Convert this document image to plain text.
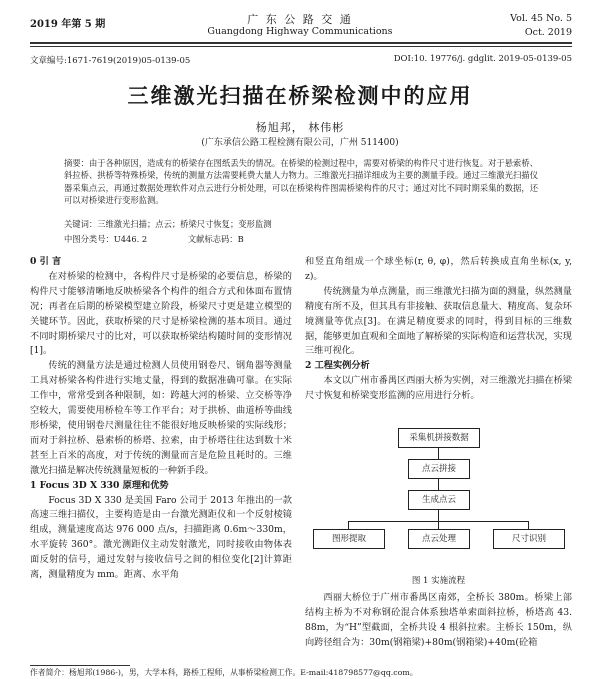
2019 年第 5 期	广 东 公 路 交 通
Guangdong Highway Communications
Vol. 45 No. 5
Oct. 2019
文章编号:1671-7619(2019)05-0139-05	DOI:10. 19776/j. gdglit. 2019-05-0139-05
三维激光扫描在桥梁检测中的应用
杨旭邦， 林伟彬
(广东承信公路工程检测有限公司，广州 511400)
摘要：由于各种原因，造成有的桥梁存在图纸丢失的情况。在桥梁的检测过程中，需要对桥梁的构件尺寸进行恢复。对于悬索桥、斜拉桥、拱桥等特殊桥梁，传统的测量方法需要耗费大量人力物力。三维激光扫描详细成为主要的测量手段。通过三维激光扫描仪器采集点云，再通过数据处理软件对点云进行分析处理，可以在桥梁构件图需桥梁构件的尺寸；通过对比不同时期采集的数据，还可以对桥梁进行变形监测。
关键词：三维激光扫描；点云；桥梁尺寸恢复；变形监测
中图分类号：U446. 2	文献标志码：B

0 引 言

在对桥梁的检测中，各构件尺寸是桥梁的必要信息，桥梁的构件尺寸能够清晰地反映桥梁各个构件的组合方式和体面布置情况；再者在后期的桥梁模型建立阶段，桥梁尺寸更是建立模型的关键环节。因此，获取桥梁的尺寸是桥梁检测的基本项目。通过不同时期桥梁尺寸的比对，可以获取桥梁结构随时间的变形情况[1]。

传统的测量方法是通过检测人员使用钢卷尺、钢角器等测量工具对桥梁各构件进行实地丈量，得到的数据准确可靠。在实际工作中，常常受到各种限制，如：跨越大河的桥梁、立交桥等净空较大，需要使用桥检车等工作平台；对于拱桥、曲道桥等曲线形桥梁，使用钢卷尺测量往往不能很好地反映桥梁的实际线形；而对于斜拉桥、悬索桥的桥塔、拉索，由于桥塔往往达到数十米甚至上百米的高度，对于传统的测量而言是危险且耗时的。三维激光扫描是解决传统测量短板的一种新手段。

1 Focus 3D X 330 原理和优势

Focus 3D X 330 是美国 Faro 公司于 2013 年推出的一款高速三维扫描仪，主要构造是由一台激光测距仪和一个反射棱镜组成，测量速度高达 976 000 点/s，扫描距离 0.6m～330m，水平旋转 360°。激光测距仪主动发射激光，同时接收由物体表面反射的信号，通过发射与接收信号之间的相位变化[2]计算距离，测量精度为 mm。距离、水平角

和竖直角组成一个球坐标(r, θ, φ)，然后转换成直角坐标(x, y, z)。

传统测量为单点测量，而三维激光扫描为面的测量，纵然测量精度有所不及，但其具有非接触、获取信息量大、精度高、复杂环境测量等优点[3]。在满足精度要求的同时，得到目标的三维数据，能够更加直观和全面地了解桥梁的实际构造和运营状况，实现三维可视化。

2 工程实例分析

本文以广州市番禺区西丽大桥为实例，对三维激光扫描在桥梁尺寸恢复和桥梁变形监测的应用进行分析。

采集机拼接数据
点云拼接
生成点云
图形提取	点云处理	尺寸识别
图 1 实施流程

西丽大桥位于广州市番禺区南郊，全桥长 380m。桥梁上部结构主桥为不对称钢砼混合体系独塔单索面斜拉桥，桥塔高 43. 88m，为“H”型截面，全桥共设 4 根斜拉索。主桥长 150m，纵向跨径组合为：30m(钢箱梁)+80m(钢箱梁)+40m(砼箱

作者简介：杨旭邦(1986-)，男，大学本科，路桥工程师，从事桥梁检测工作。E-mail:418798577@qq.com。
